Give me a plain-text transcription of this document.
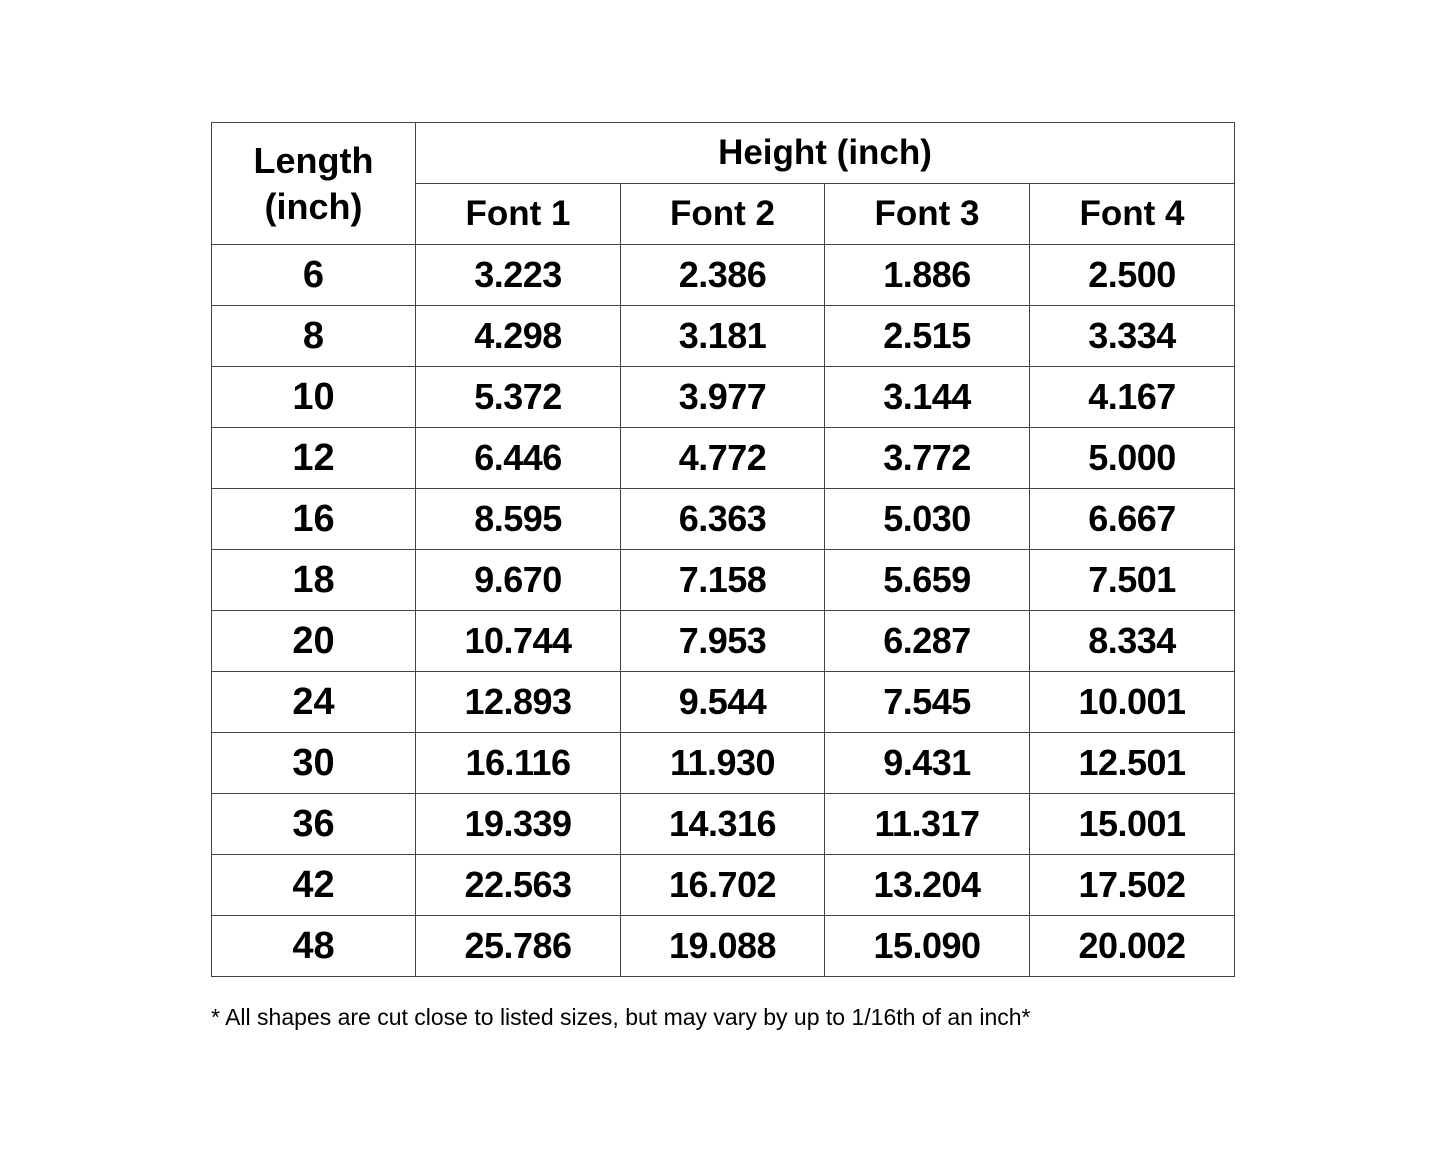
Length
(inch)	Height (inch)			
	Font 1	Font 2	Font 3	Font 4
6	3.223	2.386	1.886	2.500
8	4.298	3.181	2.515	3.334
10	5.372	3.977	3.144	4.167
12	6.446	4.772	3.772	5.000
16	8.595	6.363	5.030	6.667
18	9.670	7.158	5.659	7.501
20	10.744	7.953	6.287	8.334
24	12.893	9.544	7.545	10.001
30	16.116	11.930	9.431	12.501
36	19.339	14.316	11.317	15.001
42	22.563	16.702	13.204	17.502
48	25.786	19.088	15.090	20.002
* All shapes are cut close to listed sizes, but may vary by up to 1/16th of an inch*
